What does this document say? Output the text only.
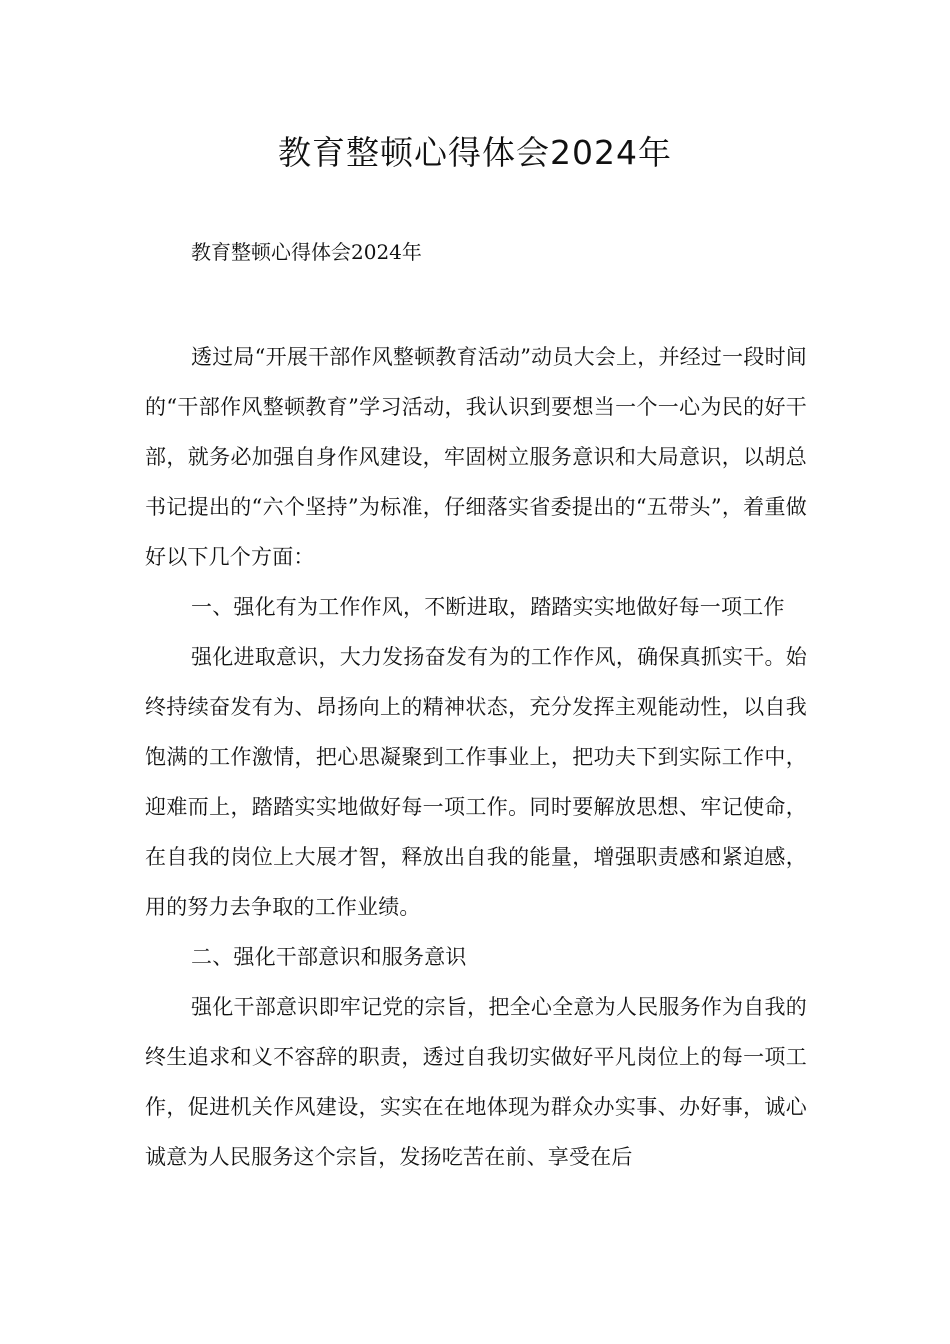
教育整顿心得体会2024年

教育整顿心得体会2024年

透过局“开展干部作风整顿教育活动”动员大会上，并经过一段时间的“干部作风整顿教育”学习活动，我认识到要想当一个一心为民的好干部，就务必加强自身作风建设，牢固树立服务意识和大局意识，以胡总书记提出的“六个坚持”为标准，仔细落实省委提出的“五带头”，着重做好以下几个方面：

一、强化有为工作作风，不断进取，踏踏实实地做好每一项工作

强化进取意识，大力发扬奋发有为的工作作风，确保真抓实干。始终持续奋发有为、昂扬向上的精神状态，充分发挥主观能动性，以自我饱满的工作激情，把心思凝聚到工作事业上，把功夫下到实际工作中，迎难而上，踏踏实实地做好每一项工作。同时要解放思想、牢记使命，在自我的岗位上大展才智，释放出自我的能量，增强职责感和紧迫感，用的努力去争取的工作业绩。

二、强化干部意识和服务意识

强化干部意识即牢记党的宗旨，把全心全意为人民服务作为自我的终生追求和义不容辞的职责，透过自我切实做好平凡岗位上的每一项工作，促进机关作风建设，实实在在地体现为群众办实事、办好事，诚心诚意为人民服务这个宗旨，发扬吃苦在前、享受在后
